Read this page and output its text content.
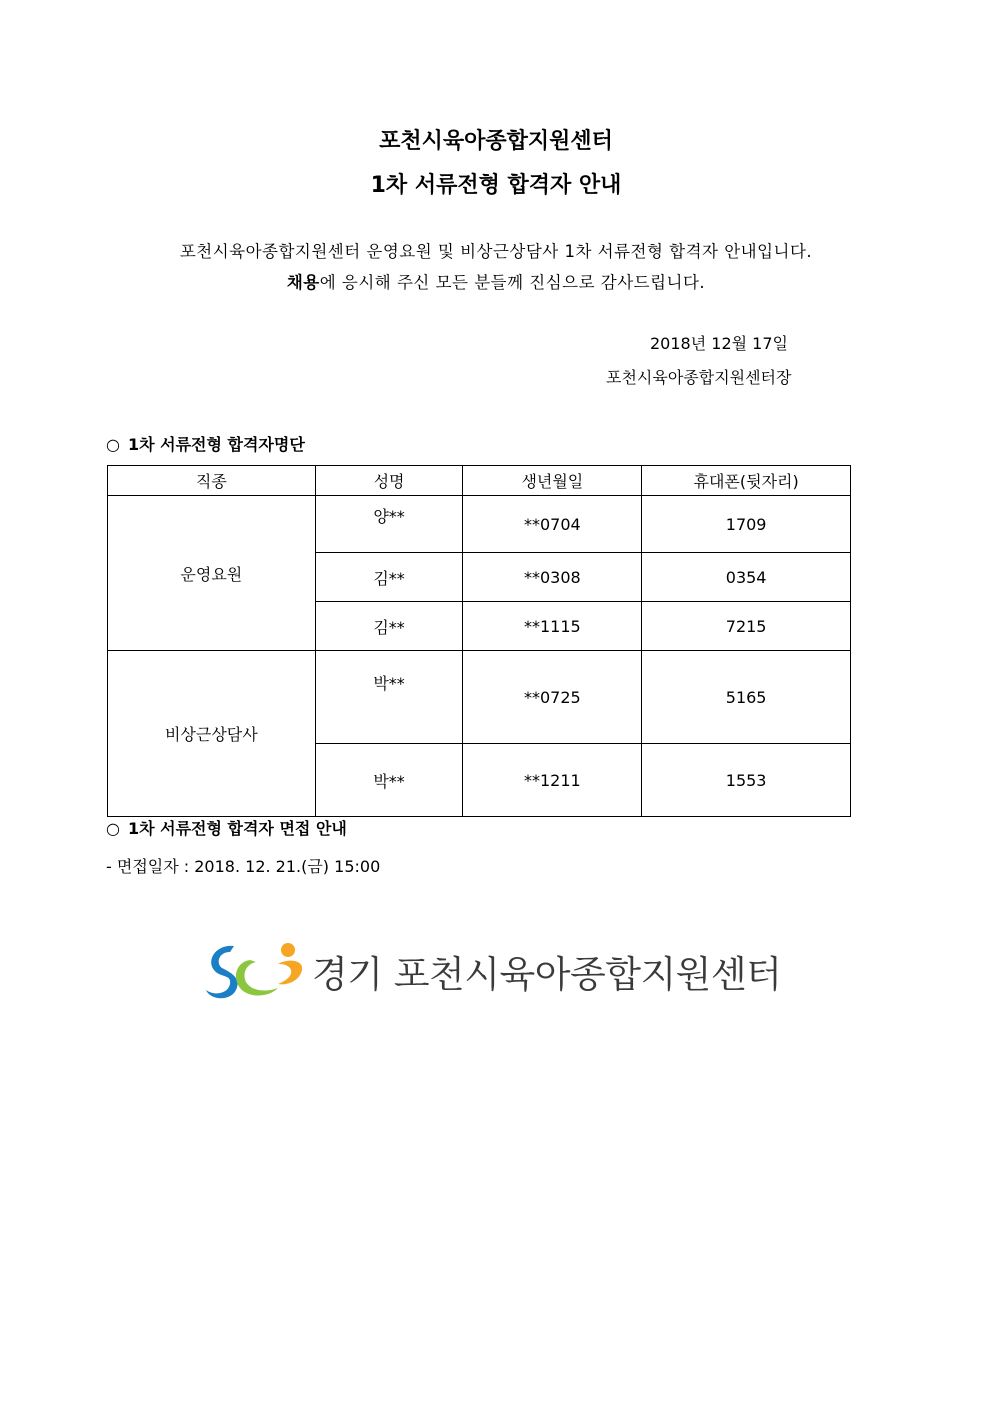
포천시육아종합지원센터
1차 서류전형 합격자 안내
포천시육아종합지원센터 운영요원 및 비상근상담사 1차 서류전형 합격자 안내입니다.
채용에 응시해 주신 모든 분들께 진심으로 감사드립니다.
2018년 12월 17일
포천시육아종합지원센터장
○ 1차 서류전형 합격자명단
직종	성명	생년월일	휴대폰(뒷자리)
운영요원	양**	**0704	1709
	김**	**0308	0354
	김**	**1115	7215
비상근상담사	박**	**0725	5165
	박**	**1211	1553
○ 1차 서류전형 합격자 면접 안내
- 면접일자 : 2018. 12. 21.(금) 15:00
경기 포천시육아종합지원센터
